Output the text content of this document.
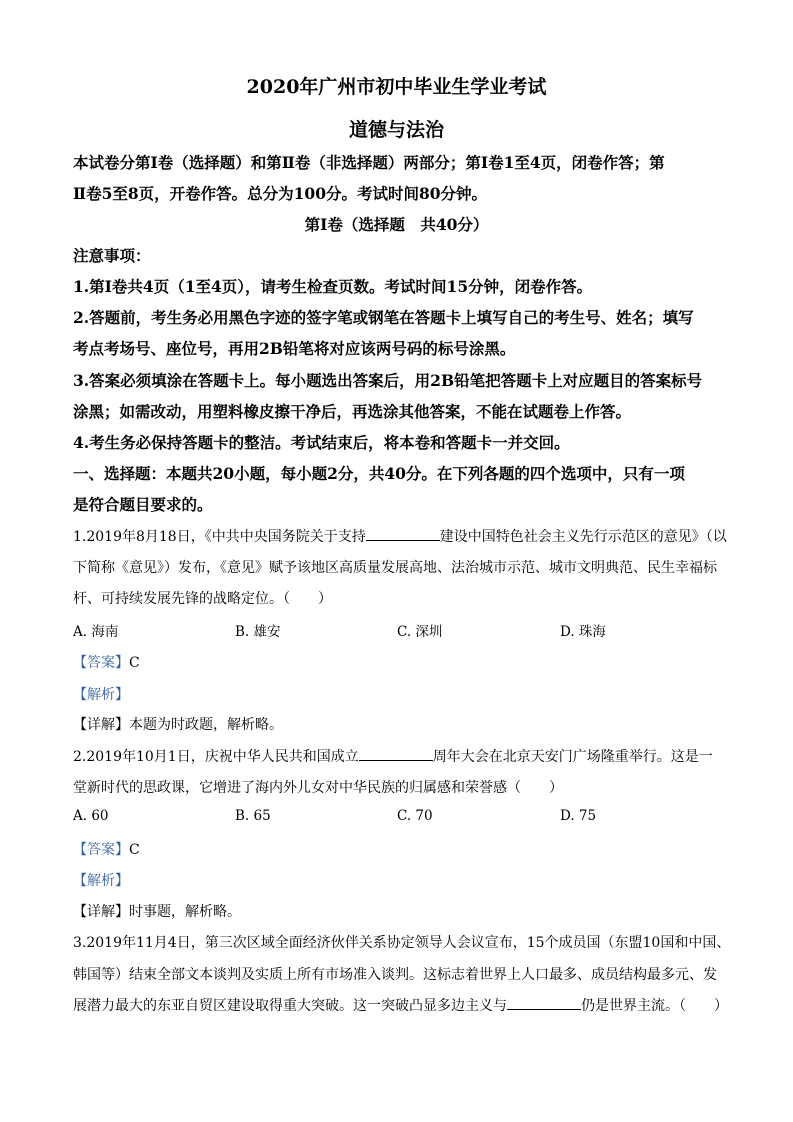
2020年广州市初中毕业生学业考试
道德与法治
本试卷分第Ⅰ卷（选择题）和第Ⅱ卷（非选择题）两部分；第Ⅰ卷1至4页，闭卷作答；第
Ⅱ卷5至8页，开卷作答。总分为100分。考试时间80分钟。
第Ⅰ卷（选择题　共40分）
注意事项：
1.第Ⅰ卷共4页（1至4页），请考生检查页数。考试时间15分钟，闭卷作答。
2.答题前，考生务必用黑色字迹的签字笔或钢笔在答题卡上填写自己的考生号、姓名；填写
考点考场号、座位号，再用2B铅笔将对应该两号码的标号涂黑。
3.答案必须填涂在答题卡上。每小题选出答案后，用2B铅笔把答题卡上对应题目的答案标号
涂黑；如需改动，用塑料橡皮擦干净后，再选涂其他答案，不能在试题卷上作答。
4.考生务必保持答题卡的整洁。考试结束后，将本卷和答题卡一并交回。
一、选择题：本题共20小题，每小题2分，共40分。在下列各题的四个选项中，只有一项
是符合题目要求的。
1.2019年8月18日，《中共中央国务院关于支持	建设中国特色社会主义先行示范区的意见》（以
下简称《意见》）发布，《意见》赋予该地区高质量发展高地、法治城市示范、城市文明典范、民生幸福标
杆、可持续发展先锋的战略定位。（　　）
A. 海南	B. 雄安	C. 深圳	D. 珠海
【答案】C
【解析】
【详解】本题为时政题，解析略。
2.2019年10月1日，庆祝中华人民共和国成立	周年大会在北京天安门广场隆重举行。这是一
堂新时代的思政课，它增进了海内外儿女对中华民族的归属感和荣誉感（　　）
A. 60	B. 65	C. 70	D. 75
【答案】C
【解析】
【详解】时事题，解析略。
3.2019年11月4日，第三次区域全面经济伙伴关系协定领导人会议宣布，15个成员国（东盟10国和中国、
韩国等）结束全部文本谈判及实质上所有市场准入谈判。这标志着世界上人口最多、成员结构最多元、发
展潜力最大的东亚自贸区建设取得重大突破。这一突破凸显多边主义与	仍是世界主流。（　　）
